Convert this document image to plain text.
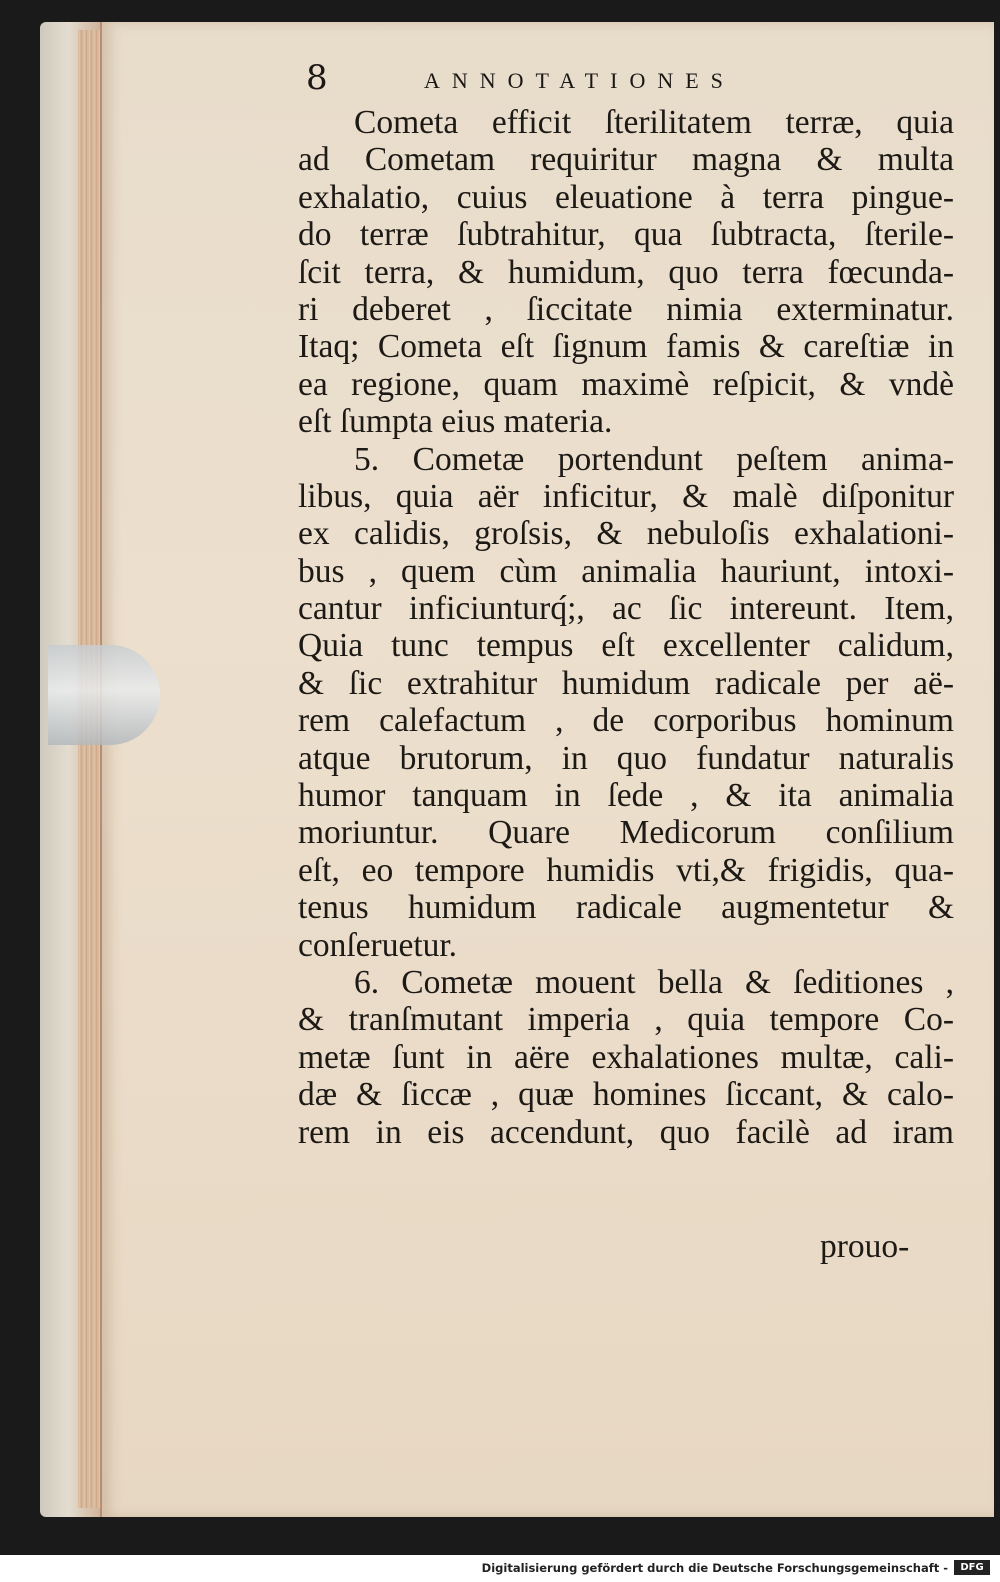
8	ANNOTATIONES
Cometa efficit ſterilitatem terræ, quia
ad Cometam requiritur magna & multa
exhalatio, cuius eleuatione à terra pingue-
do terræ ſubtrahitur, qua ſubtracta, ſterile-
ſcit terra, & humidum, quo terra fœcunda-
ri deberet , ſiccitate nimia exterminatur.
Itaq; Cometa eſt ſignum famis & careſtiæ in
ea regione, quam maximè reſpicit, & vndè
eſt ſumpta eius materia.
5. Cometæ portendunt peſtem anima-
libus, quia aër inficitur, & malè diſponitur
ex calidis, groſsis, & nebuloſis exhalationi-
bus , quem cùm animalia hauriunt, intoxi-
cantur inficiunturq́;, ac ſic intereunt. Item,
Quia tunc tempus eſt excellenter calidum,
& ſic extrahitur humidum radicale per aë-
rem calefactum , de corporibus hominum
atque brutorum, in quo fundatur naturalis
humor tanquam in ſede , & ita animalia
moriuntur. Quare Medicorum conſilium
eſt, eo tempore humidis vti,& frigidis, qua-
tenus humidum radicale augmentetur &
conſeruetur.
6. Cometæ mouent bella & ſeditiones ,
& tranſmutant imperia , quia tempore Co-
metæ ſunt in aëre exhalationes multæ, cali-
dæ & ſiccæ , quæ homines ſiccant, & calo-
rem in eis accendunt, quo facilè ad iram
prouo-
Digitalisierung gefördert durch die Deutsche Forschungsgemeinschaft -	DFG
